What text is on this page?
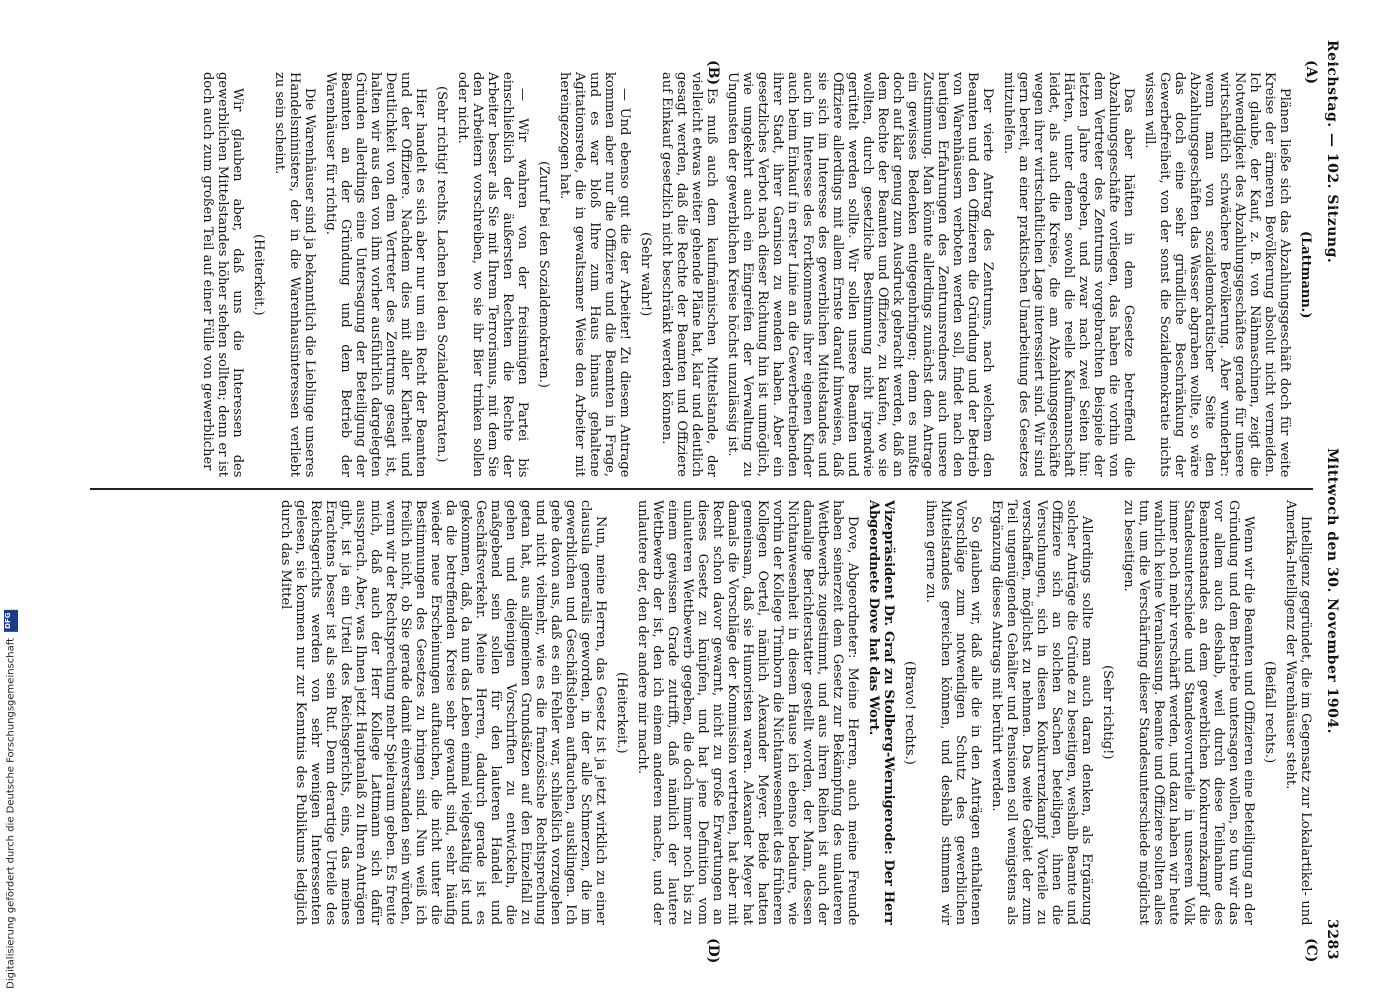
Reichstag. — 102. Sitzung.
Mittwoch den 30. November 1904.
3283
(A)
(B)
(C)
(D)

(Lattmann.)

Plänen ließe sich das Abzahlungsgeschäft doch für weite Kreise der ärmeren Bevölkerung absolut nicht vermeiden. Ich glaube, der Kauf, z. B. von Nähmaschinen, zeigt die Notwendigkeit des Abzahlungsgeschäftes gerade für unsere wirtschaftlich schwächere Bevölkerung. Aber wunderbar: wenn man von sozialdemokratischer Seite den Abzahlungsgeschäften das Wasser abgraben wollte, so wäre das doch eine sehr gründliche Beschränkung der Gewerbefreiheit, von der sonst die Sozialdemokratie nichts wissen will.

Das aber hätten in dem Gesetze betreffend die Abzahlungsgeschäfte vorliegen, das haben die vorhin von dem Vertreter des Zentrums vorgebrachten Beispiele der letzten Jahre ergeben, und zwar nach zwei Seiten hin: Härten, unter denen sowohl die reelle Kaufmannschaft leidet, als auch die Kreise, die am Abzahlungsgeschäfte wegen ihrer wirtschaftlichen Lage interessiert sind. Wir sind gern bereit, an einer praktischen Umarbeitung des Gesetzes mitzuhelfen.

Der vierte Antrag des Zentrums, nach welchem den Beamten und den Offizieren die Gründung und der Betrieb von Warenhäusern verboten werden soll, findet nach den heutigen Erfahrungen des Zentrumsredners auch unsere Zustimmung. Man könnte allerdings zunächst dem Antrage ein gewisses Bedenken entgegenbringen; denn es mußte doch auf klar genug zum Ausdruck gebracht werden, daß an dem Rechte der Beamten und Offiziere, zu kaufen, wo sie wollten, durch gesetzliche Bestimmung nicht irgendwie gerüttelt werden sollte. Wir sollen unsere Beamten und Offiziere allerdings mit allem Ernste darauf hinweisen, daß sie sich im Interesse des gewerblichen Mittelstandes und auch im Interesse des Fortkommens ihrer eigenen Kinder auch beim Einkauf in erster Linie an die Gewerbetreibenden ihrer Stadt, ihrer Garnison zu wenden haben. Aber ein gesetzliches Verbot nach dieser Richtung hin ist unmöglich, wie umgekehrt auch ein Eingreifen der Verwaltung zu Ungunsten der gewerblichen Kreise höchst unzulässig ist.

Es muß auch dem kaufmännischen Mittelstande, der vielleicht etwas weiter gehende Pläne hat, klar und deutlich gesagt werden, daß die Rechte der Beamten und Offiziere auf Einkauf gesetzlich nicht beschränkt werden können.

(Sehr wahr!)

— Und ebenso gut die der Arbeiter! Zu diesem Antrage kommen aber nur die Offiziere und die Beamten in Frage, und es war bloß Ihre zum Haus hinaus gehaltene Agitationsrede, die in gewaltsamer Weise den Arbeiter mit hereingezogen hat.

(Zuruf bei den Sozialdemokraten.)

— Wir wahren von der freisinnigen Partei bis einschließlich der äußersten Rechten die Rechte der Arbeiter besser als Sie mit Ihrem Terrorismus, mit dem Sie den Arbeitern vorschreiben, wo sie ihr Bier trinken sollen oder nicht.

(Sehr richtig! rechts. Lachen bei den Sozialdemokraten.)

Hier handelt es sich aber nur um ein Recht der Beamten und der Offiziere. Nachdem dies mit aller Klarheit und Deutlichkeit von dem Vertreter des Zentrums gesagt ist, halten wir aus den von ihm vorher ausführlich dargelegten Gründen allerdings eine Untersagung der Beteiligung der Beamten an der Gründung und dem Betrieb der Warenhäuser für richtig.

Die Warenhäuser sind ja bekanntlich die Lieblinge unseres Handelsministers, der in die Warenhausinteressen verliebt zu sein scheint.

(Heiterkeit.)

Wir glauben aber, daß uns die Interessen des gewerblichen Mittelstandes höher stehen sollten; denn er ist doch auch zum großen Teil auf einer Fülle von gewerblicher

Intelligenz gegründet, die im Gegensatz zur Lokalartikel- und Amerika-Intelligenz der Warenhäuser steht.

(Beifall rechts.)

Wenn wir die Beamten und Offizieren eine Beteiligung an der Gründung und dem Betriebe untersagen wollen, so tun wir das vor allem auch deshalb, weil durch diese Teilnahme des Beamtenstandes an dem gewerblichen Konkurrenzkampf die Standesunterschiede und Standesvorurteile in unserem Volk immer noch mehr verschärft werden, und dazu haben wir heute wahrlich keine Veranlassung. Beamte und Offiziere sollten alles tun, um die Verschärfung dieser Standesunterschiede möglichst zu beseitigen.

(Sehr richtig!)

Allerdings sollte man auch daran denken, als Ergänzung solcher Anträge die Gründe zu beseitigen, weshalb Beamte und Offiziere sich an solchen Sachen beteiligen, ihnen die Versuchungen, sich in diesen Konkurrenzkampf Vorteile zu verschaffen, möglichst zu nehmen. Das weite Gebiet der zum Teil ungenügenden Gehälter und Pensionen soll wenigstens als Ergänzung dieses Antrags mit berührt werden.

So glauben wir, daß alle die in den Anträgen enthaltenen Vorschläge zum notwendigen Schutz des gewerblichen Mittelstandes gereichen können, und deshalb stimmen wir ihnen gerne zu.

(Bravo! rechts.)

Vizepräsident Dr. Graf zu Stolberg-Wernigerode: Der Herr Abgeordnete Dove hat das Wort.

Dove, Abgeordneter: Meine Herren, auch meine Freunde haben seinerzeit dem Gesetz zur Bekämpfung des unlauteren Wettbewerbs zugestimmt, und aus ihren Reihen ist auch der damalige Berichterstatter gestellt worden, der Mann, dessen Nichtanwesenheit in diesem Hause ich ebenso bedaure, wie vorhin der Kollege Trimborn die Nichtanwesenheit des früheren Kollegen Oertel, nämlich Alexander Meyer. Beide hatten gemeinsam, daß sie Humoristen waren. Alexander Meyer hat damals die Vorschläge der Kommission vertreten, hat aber mit Recht schon davor gewarnt, nicht zu große Erwartungen an dieses Gesetz zu knüpfen, und hat jene Definition vom unlauteren Wettbewerb gegeben, die doch immer noch bis zu einem gewissen Grade zutrifft, daß nämlich der lautere Wettbewerb der ist, den ich einem anderen mache, und der unlautere der, den der andere mir macht.

(Heiterkeit.)

Nun, meine Herren, das Gesetz ist ja jetzt wirklich zu einer clausula generalis geworden, in der alle Schmerzen, die im gewerblichen und Geschäftsleben auftauchen, ausklingen. Ich gehe davon aus, daß es ein Fehler war, schließlich vorzugehen und nicht vielmehr, wie es die französische Rechtsprechung getan hat, aus allgemeinen Grundsätzen auf den Einzelfall zu gehen und diejenigen Vorschriften zu entwickeln, die maßgebend sein sollen für den lauteren Handel und Geschäftsverkehr. Meine Herren, dadurch gerade ist es gekommen, daß, da nun das Leben einmal vielgestaltig ist und da die betreffenden Kreise sehr gewandt sind, sehr häufig wieder neue Erscheinungen auftauchen, die nicht unter die Bestimmungen des Gesetzes zu bringen sind. Nun weiß ich freilich nicht, ob Sie gerade damit einverstanden sein würden, wenn wir der Rechtsprechung mehr Spielraum geben. Es freute mich, daß auch der Herr Kollege Lattmann sich dafür aussprach. Aber, was Ihnen jetzt Hauptanlaß zu Ihren Anträgen gibt, ist ja ein Urteil des Reichsgerichts, eins, das meines Erachtens besser ist als sein Ruf. Denn derartige Urteile des Reichsgerichts werden von sehr wenigen Interessenten gelesen, sie kommen nur zur Kenntnis des Publikums lediglich durch das Mittel

Digitalisierung gefördert durch die Deutsche Forschungsgemeinschaft
DFG
